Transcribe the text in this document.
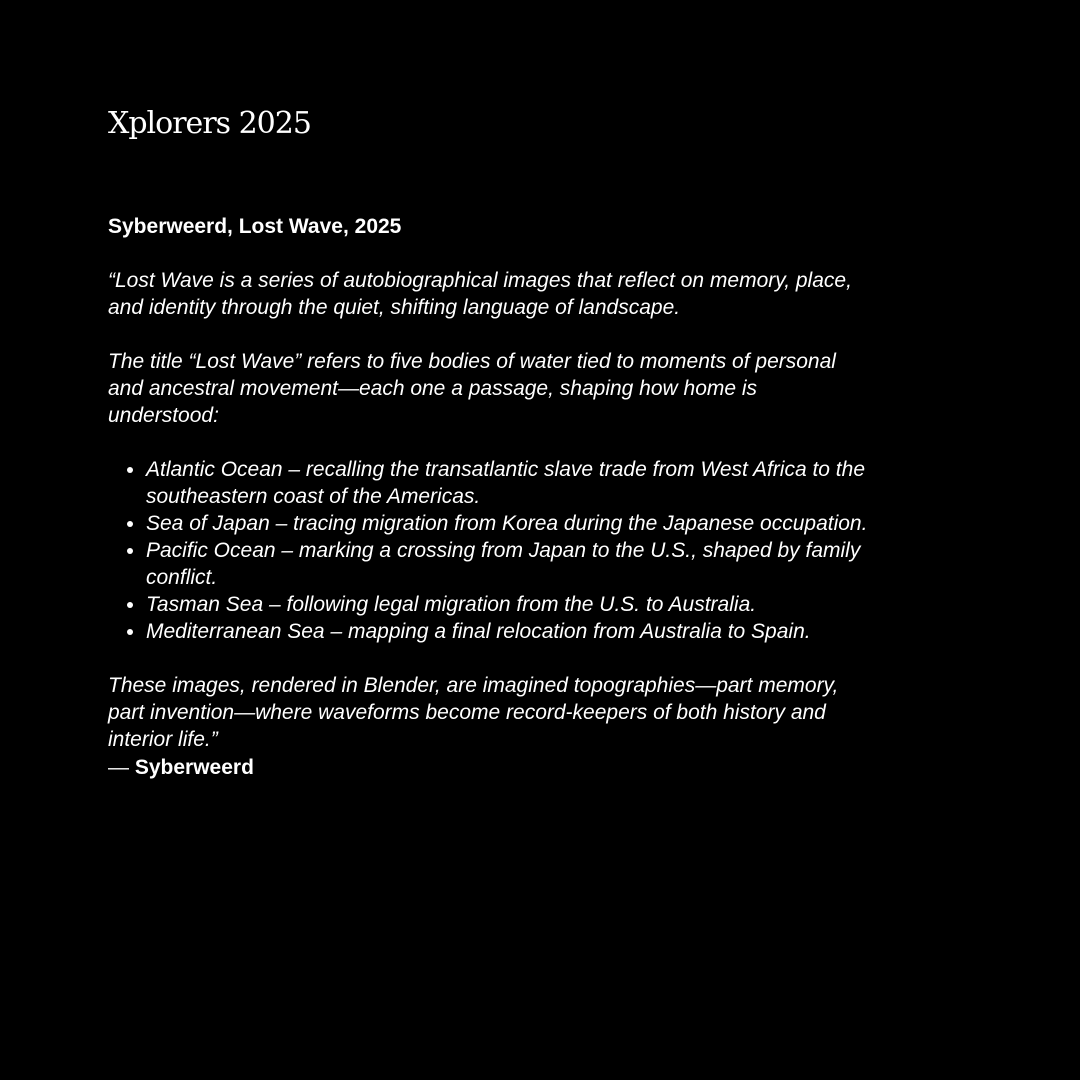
Xplorers 2025
Syberweerd, Lost Wave, 2025

“Lost Wave is a series of autobiographical images that reflect on memory, place, and identity through the quiet, shifting language of landscape.

The title “Lost Wave” refers to five bodies of water tied to moments of personal and ancestral movement—each one a passage, shaping how home is understood:

• Atlantic Ocean – recalling the transatlantic slave trade from West Africa to the southeastern coast of the Americas.
• Sea of Japan – tracing migration from Korea during the Japanese occupation.
• Pacific Ocean – marking a crossing from Japan to the U.S., shaped by family conflict.
• Tasman Sea – following legal migration from the U.S. to Australia.
• Mediterranean Sea – mapping a final relocation from Australia to Spain.

These images, rendered in Blender, are imagined topographies—part memory, part invention—where waveforms become record-keepers of both history and interior life.”

— Syberweerd
